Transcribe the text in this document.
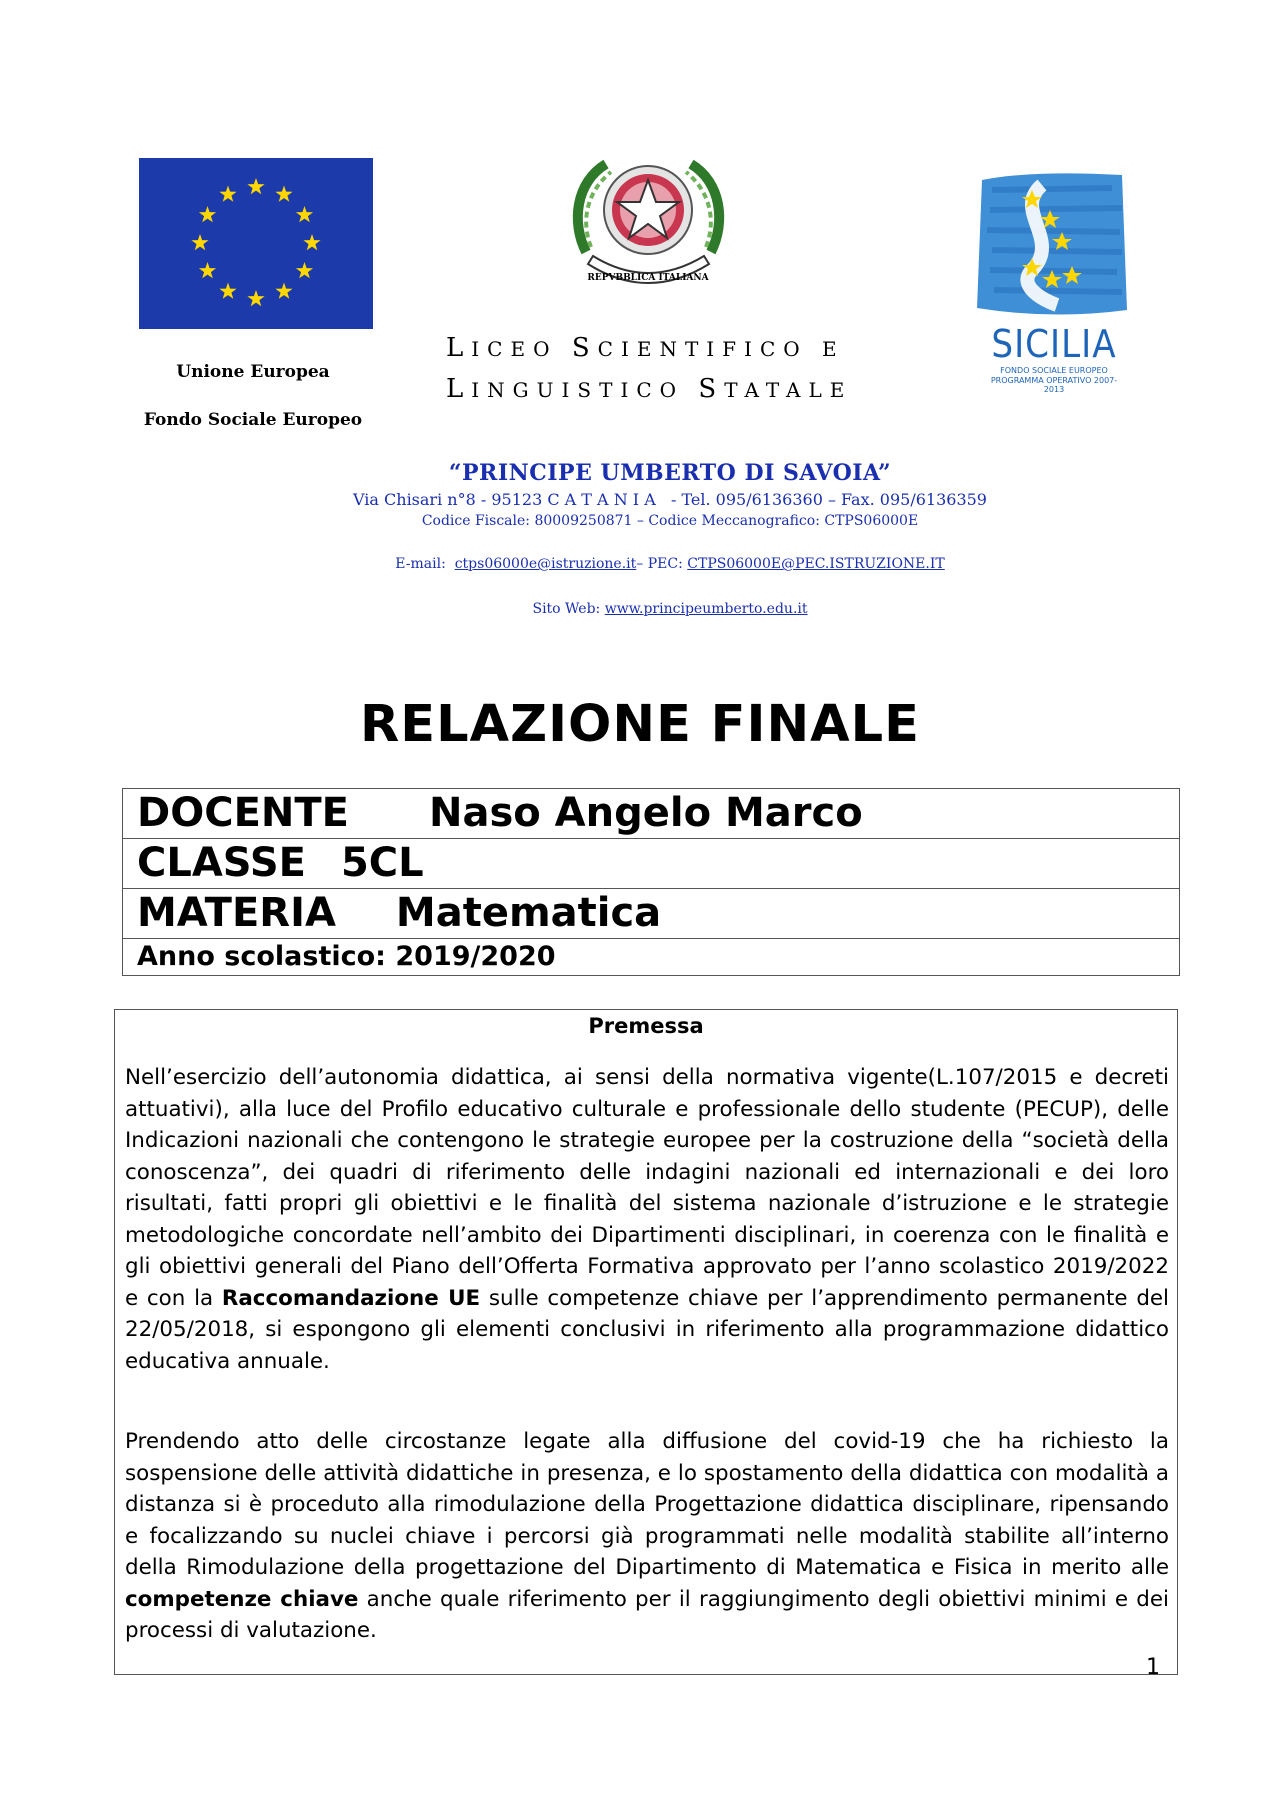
Unione Europea
Fondo Sociale Europeo
REPVBBLICA ITALIANA
SICILIA
FONDO SOCIALE EUROPEO
PROGRAMMA OPERATIVO 2007-2013
LICEO SCIENTIFICO E
LINGUISTICO STATALE
“PRINCIPE UMBERTO DI SAVOIA”
Via Chisari n°8 - 95123 C A T A N I A   - Tel. 095/6136360 – Fax. 095/6136359
Codice Fiscale: 80009250871 – Codice Meccanografico: CTPS06000E
E-mail: ctps06000e@istruzione.it– PEC: CTPS06000E@PEC.ISTRUZIONE.IT
Sito Web: www.principeumberto.edu.it
RELAZIONE FINALE
DOCENTE Naso Angelo Marco
CLASSE 5CL
MATERIA Matematica
Anno scolastico: 2019/2020
Premessa
Nell’esercizio dell’autonomia didattica, ai sensi della normativa vigente(L.107/2015 e decreti attuativi), alla luce del Profilo educativo culturale e professionale dello studente (PECUP), delle Indicazioni nazionali che contengono le strategie europee per la costruzione della “società della conoscenza”, dei quadri di riferimento delle indagini nazionali ed internazionali e dei loro risultati, fatti propri gli obiettivi e le finalità del sistema nazionale d’istruzione e le strategie metodologiche concordate nell’ambito dei Dipartimenti disciplinari, in coerenza con le finalità e gli obiettivi generali del Piano dell’Offerta Formativa approvato per l’anno scolastico 2019/2022 e con la Raccomandazione UE sulle competenze chiave per l’apprendimento permanente del 22/05/2018, si espongono gli elementi conclusivi in riferimento alla programmazione didattico educativa annuale.
Prendendo atto delle circostanze legate alla diffusione del covid-19 che ha richiesto la sospensione delle attività didattiche in presenza, e lo spostamento della didattica con modalità a distanza si è proceduto alla rimodulazione della Progettazione didattica disciplinare, ripensando e focalizzando su nuclei chiave i percorsi già programmati nelle modalità stabilite all’interno della Rimodulazione della progettazione del Dipartimento di Matematica e Fisica in merito alle competenze chiave anche quale riferimento per il raggiungimento degli obiettivi minimi e dei processi di valutazione.
1
